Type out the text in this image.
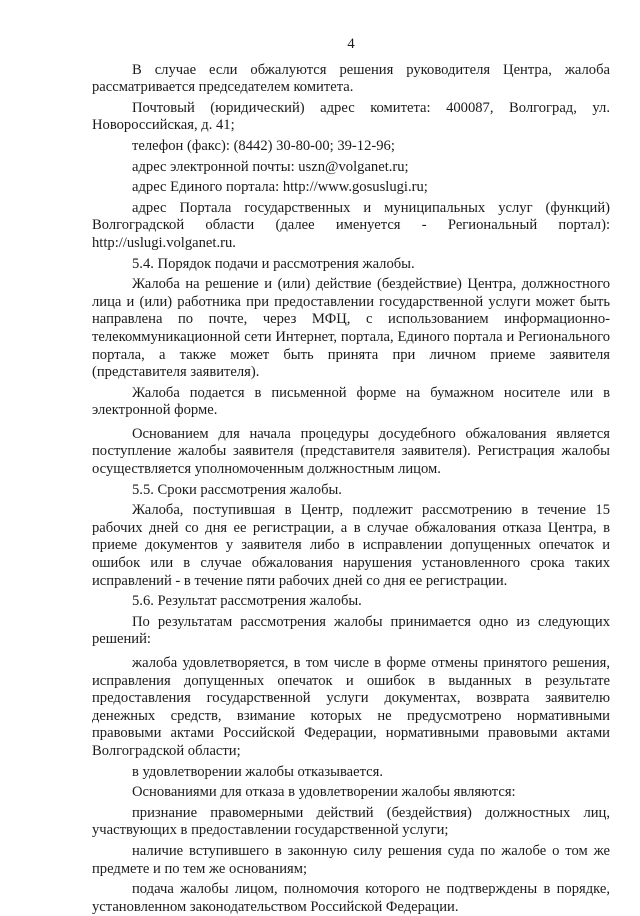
4

В случае если обжалуются решения руководителя Центра, жалоба рассматривается председателем комитета.

Почтовый (юридический) адрес комитета: 400087, Волгоград, ул. Новороссийская, д. 41;

телефон (факс): (8442) 30-80-00; 39-12-96;

адрес электронной почты: uszn@volganet.ru;

адрес Единого портала: http://www.gosuslugi.ru;

адрес Портала государственных и муниципальных услуг (функций) Волгоградской области (далее именуется - Региональный портал): http://uslugi.volganet.ru.

5.4. Порядок подачи и рассмотрения жалобы.

Жалоба на решение и (или) действие (бездействие) Центра, должностного лица и (или) работника при предоставлении государственной услуги может быть направлена по почте, через МФЦ, с использованием информационно-телекоммуникационной сети Интернет, портала, Единого портала и Регионального портала, а также может быть принята при личном приеме заявителя (представителя заявителя).

Жалоба подается в письменной форме на бумажном носителе или в электронной форме.

Основанием для начала процедуры досудебного обжалования является поступление жалобы заявителя (представителя заявителя). Регистрация жалобы осуществляется уполномоченным должностным лицом.

5.5. Сроки рассмотрения жалобы.

Жалоба, поступившая в Центр, подлежит рассмотрению в течение 15 рабочих дней со дня ее регистрации, а в случае обжалования отказа Центра, в приеме документов у заявителя либо в исправлении допущенных опечаток и ошибок или в случае обжалования нарушения установленного срока таких исправлений - в течение пяти рабочих дней со дня ее регистрации.

5.6. Результат рассмотрения жалобы.

По результатам рассмотрения жалобы принимается одно из следующих решений:

жалоба удовлетворяется, в том числе в форме отмены принятого решения, исправления допущенных опечаток и ошибок в выданных в результате предоставления государственной услуги документах, возврата заявителю денежных средств, взимание которых не предусмотрено нормативными правовыми актами Российской Федерации, нормативными правовыми актами Волгоградской области;

в удовлетворении жалобы отказывается.

Основаниями для отказа в удовлетворении жалобы являются:

признание правомерными действий (бездействия) должностных лиц, участвующих в предоставлении государственной услуги;

наличие вступившего в законную силу решения суда по жалобе о том же предмете и по тем же основаниям;

подача жалобы лицом, полномочия которого не подтверждены в порядке, установленном законодательством Российской Федерации.
